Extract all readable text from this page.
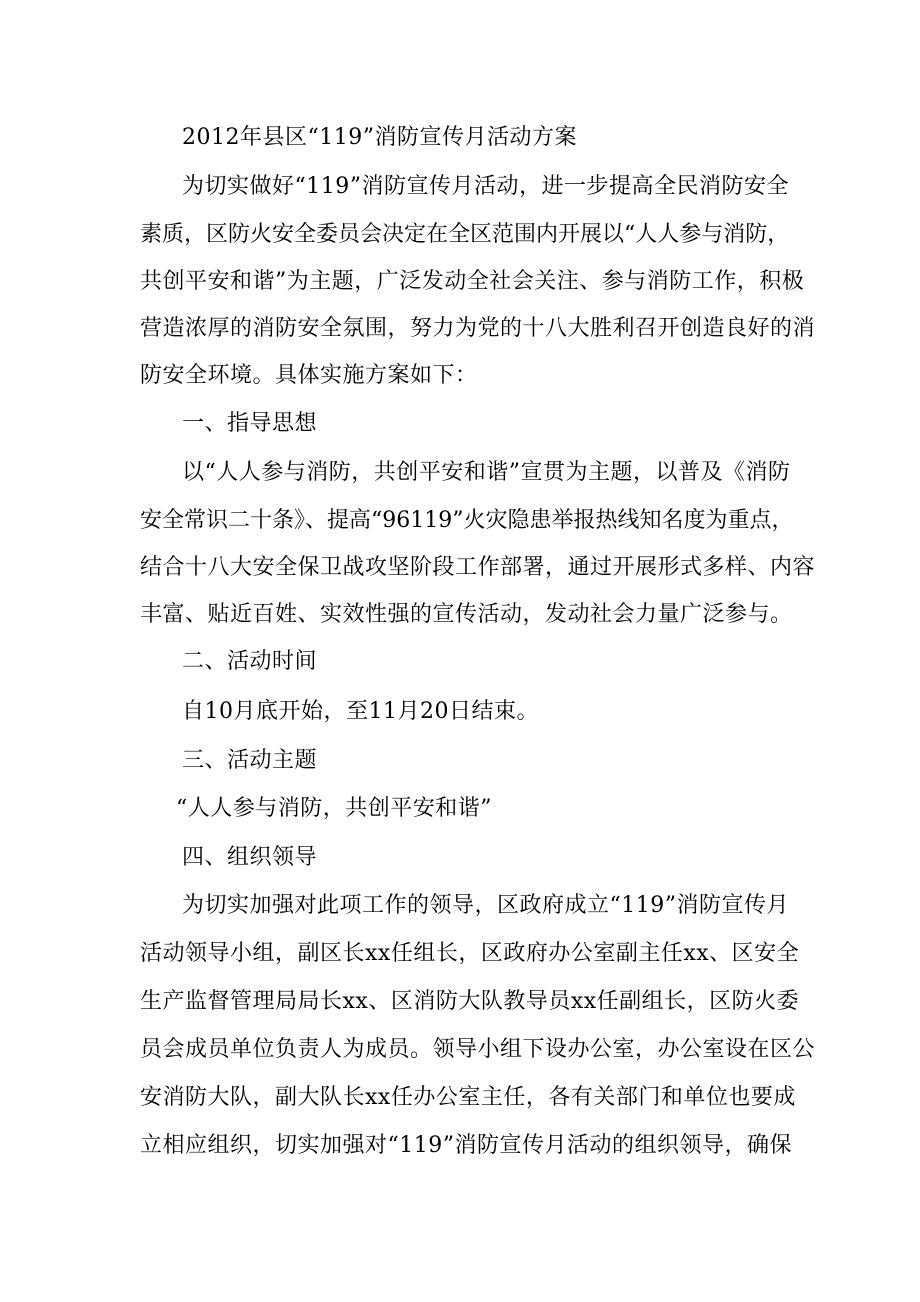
2012年县区“119”消防宣传月活动方案
为切实做好“119”消防宣传月活动，进一步提高全民消防安全
素质，区防火安全委员会决定在全区范围内开展以“人人参与消防，
共创平安和谐”为主题，广泛发动全社会关注、参与消防工作，积极
营造浓厚的消防安全氛围，努力为党的十八大胜利召开创造良好的消
防安全环境。具体实施方案如下：
一、指导思想
以“人人参与消防，共创平安和谐”宣贯为主题，以普及《消防
安全常识二十条》、提高“96119”火灾隐患举报热线知名度为重点，
结合十八大安全保卫战攻坚阶段工作部署，通过开展形式多样、内容
丰富、贴近百姓、实效性强的宣传活动，发动社会力量广泛参与。
二、活动时间
自10月底开始，至11月20日结束。
三、活动主题
“人人参与消防，共创平安和谐”
四、组织领导
为切实加强对此项工作的领导，区政府成立“119”消防宣传月
活动领导小组，副区长xx任组长，区政府办公室副主任xx、区安全
生产监督管理局局长xx、区消防大队教导员xx任副组长，区防火委
员会成员单位负责人为成员。领导小组下设办公室，办公室设在区公
安消防大队，副大队长xx任办公室主任，各有关部门和单位也要成
立相应组织，切实加强对“119”消防宣传月活动的组织领导，确保
